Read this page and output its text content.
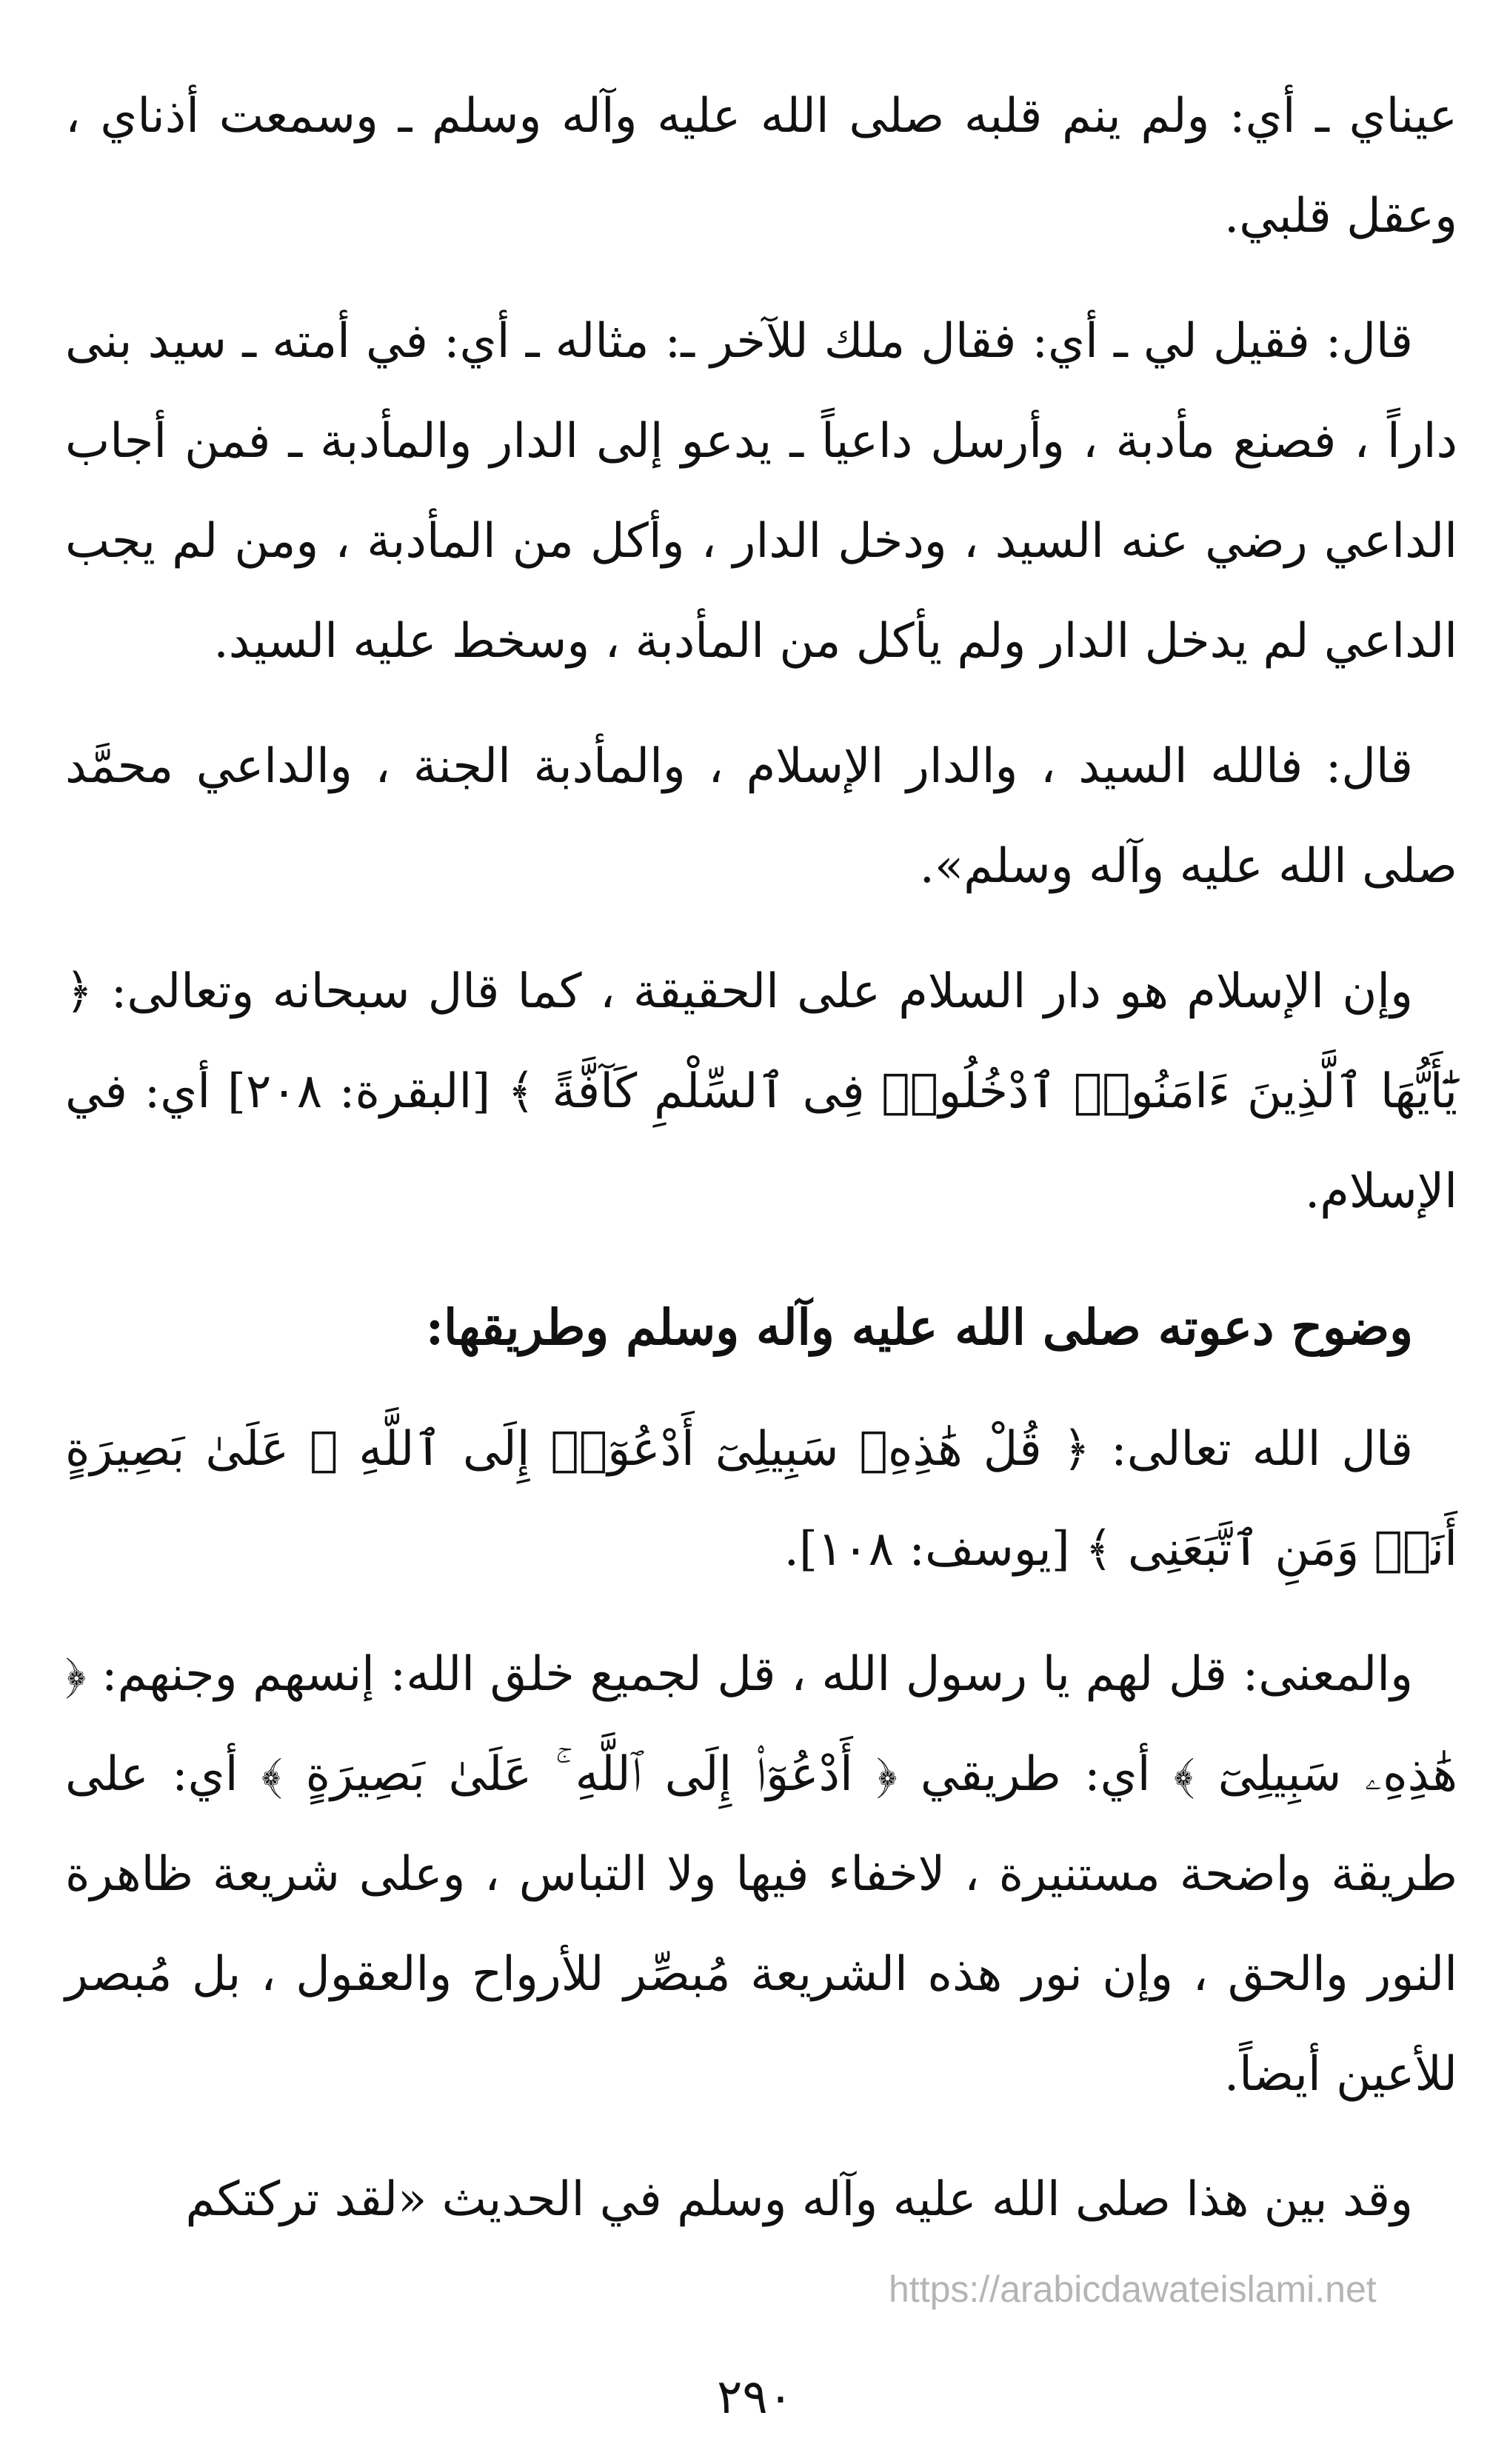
عيناي ـ أي: ولم ينم قلبه صلى الله عليه وآله وسلم ـ وسمعت أذناي ، وعقل قلبي.

قال: فقيل لي ـ أي: فقال ملك للآخر ـ: مثاله ـ أي: في أمته ـ سيد بنى داراً ، فصنع مأدبة ، وأرسل داعياً ـ يدعو إلى الدار والمأدبة ـ فمن أجاب الداعي رضي عنه السيد ، ودخل الدار ، وأكل من المأدبة ، ومن لم يجب الداعي لم يدخل الدار ولم يأكل من المأدبة ، وسخط عليه السيد.

قال: فالله السيد ، والدار الإسلام ، والمأدبة الجنة ، والداعي محمَّد صلى الله عليه وآله وسلم».

وإن الإسلام هو دار السلام على الحقيقة ، كما قال سبحانه وتعالى: ﴿ يَٰٓأَيُّهَا ٱلَّذِينَ ءَامَنُوا۟ ٱدْخُلُوا۟ فِى ٱلسِّلْمِ كَآفَّةً ﴾ [البقرة: ٢٠٨] أي: في الإسلام.

وضوح دعوته صلى الله عليه وآله وسلم وطريقها:

قال الله تعالى: ﴿ قُلْ هَٰذِهِۦ سَبِيلِىٓ أَدْعُوٓا۟ إِلَى ٱللَّهِ ۚ عَلَىٰ بَصِيرَةٍ أَنَا۠ وَمَنِ ٱتَّبَعَنِى ﴾ [يوسف: ١٠٨].

والمعنى: قل لهم يا رسول الله ، قل لجميع خلق الله: إنسهم وجنهم: ﴿ هَٰذِهِۦ سَبِيلِىٓ ﴾ أي: طريقي ﴿ أَدْعُوٓا۟ إِلَى ٱللَّهِ ۚ عَلَىٰ بَصِيرَةٍ ﴾ أي: على طريقة واضحة مستنيرة ، لاخفاء فيها ولا التباس ، وعلى شريعة ظاهرة النور والحق ، وإن نور هذه الشريعة مُبصِّر للأرواح والعقول ، بل مُبصر للأعين أيضاً.

وقد بين هذا صلى الله عليه وآله وسلم في الحديث «لقد تركتكم

https://arabicdawateislami.net
٢٩٠
